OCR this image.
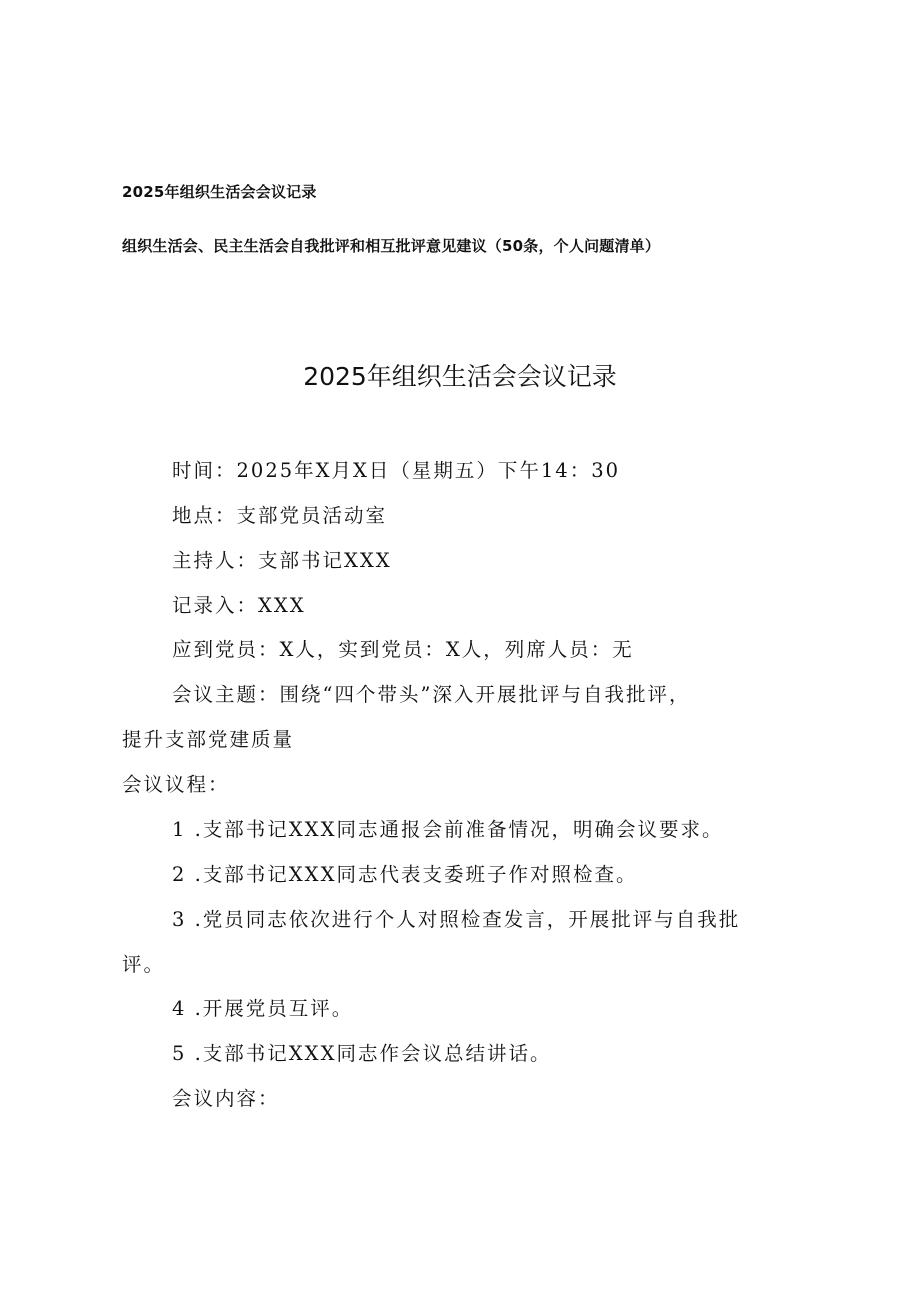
2025年组织生活会会议记录
组织生活会、民主生活会自我批评和相互批评意见建议（50条，个人问题清单）
2025年组织生活会会议记录
时间：2025年X月X日（星期五）下午14：30
地点：支部党员活动室
主持人：支部书记XXX
记录入：XXX
应到党员：X人，实到党员：X人，列席人员：无
会议主题：围绕“四个带头”深入开展批评与自我批评，
提升支部党建质量
会议议程：
1 .支部书记XXX同志通报会前准备情况，明确会议要求。
2 .支部书记XXX同志代表支委班子作对照检查。
3 .党员同志依次进行个人对照检查发言，开展批评与自我批
评。
4 .开展党员互评。
5 .支部书记XXX同志作会议总结讲话。
会议内容：
